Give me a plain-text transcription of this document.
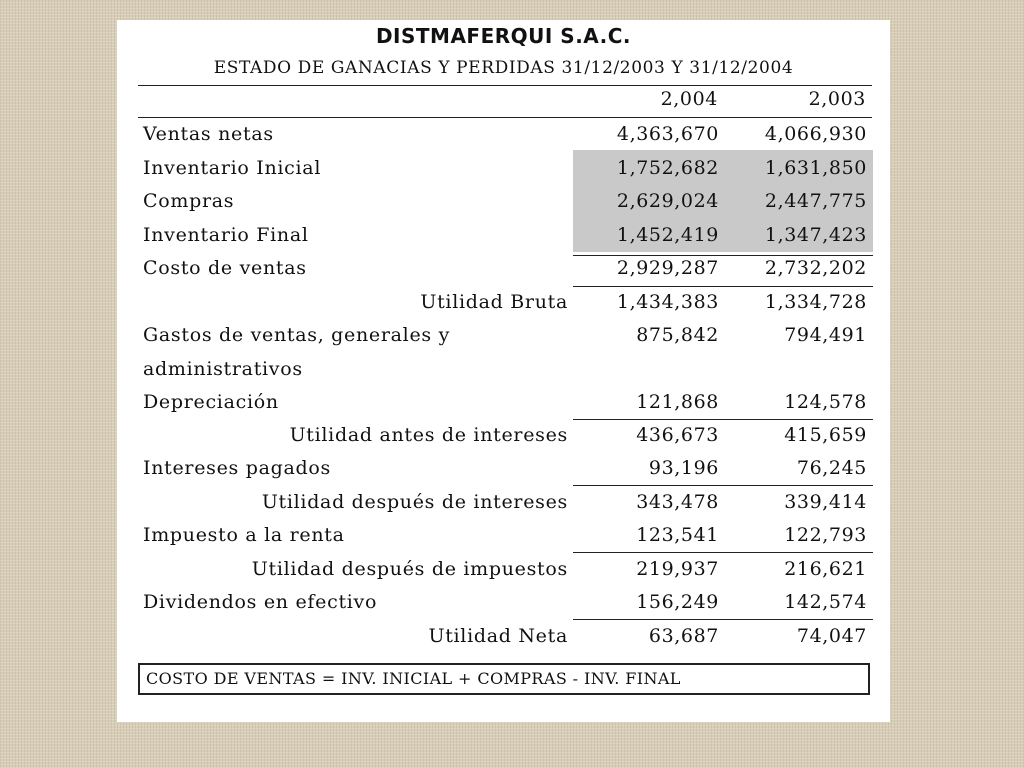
DISTMAFERQUI S.A.C.
ESTADO DE GANACIAS Y PERDIDAS 31/12/2003 Y 31/12/2004
2,004	2,003
Ventas netas	4,363,670 4,066,930
Inventario Inicial	1,752,682 1,631,850
Compras	2,629,024 2,447,775
Inventario Final	1,452,419 1,347,423
Costo de ventas	2,929,287 2,732,202
Utilidad Bruta	1,434,383 1,334,728
Gastos de ventas, generales y	875,842	794,491
administrativos
Depreciación	121,868	124,578
Utilidad antes de intereses	436,673	415,659
Intereses pagados	93,196	76,245
Utilidad después de intereses	343,478	339,414
Impuesto a la renta	123,541	122,793
Utilidad después de impuestos	219,937	216,621
Dividendos en efectivo	156,249	142,574
Utilidad Neta	63,687	74,047
COSTO DE VENTAS = INV. INICIAL + COMPRAS - INV. FINAL
